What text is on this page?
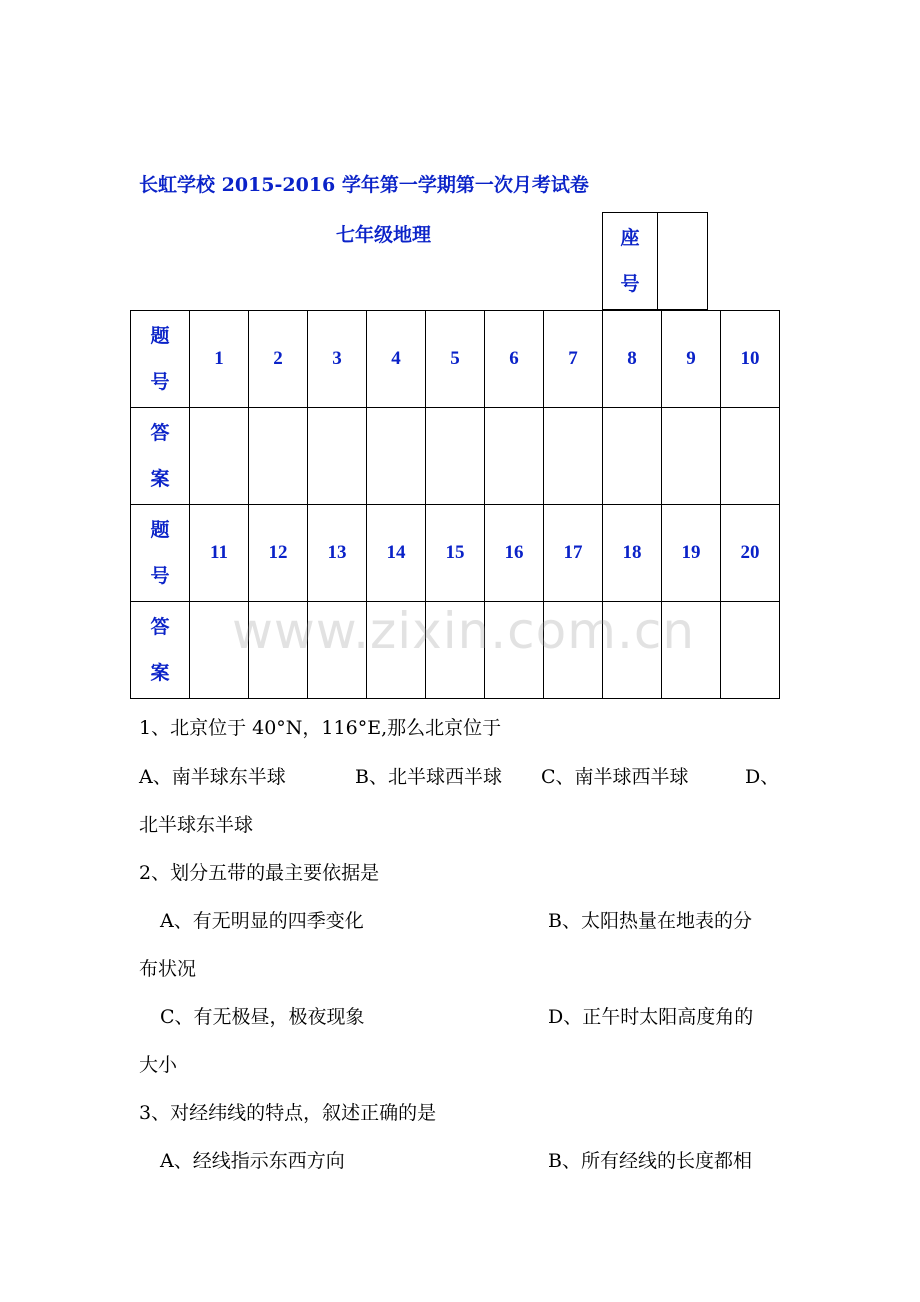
长虹学校 2015-2016 学年第一学期第一次月考试卷
七年级地理	座
号	
题
号	1	2	3	4	5	6	7	8	9	10
答
案										
题
号	11	12	13	14	15	16	17	18	19	20
答
案										
www.zixin.com.cn
1、北京位于 40°N，116°E,那么北京位于
A、南半球东半球	B、北半球西半球 C、南半球西半球	D、
北半球东半球
2、划分五带的最主要依据是
A、有无明显的四季变化	B、太阳热量在地表的分
布状况
C、有无极昼，极夜现象	D、正午时太阳高度角的
大小
3、对经纬线的特点，叙述正确的是
A、经线指示东西方向	B、所有经线的长度都相
